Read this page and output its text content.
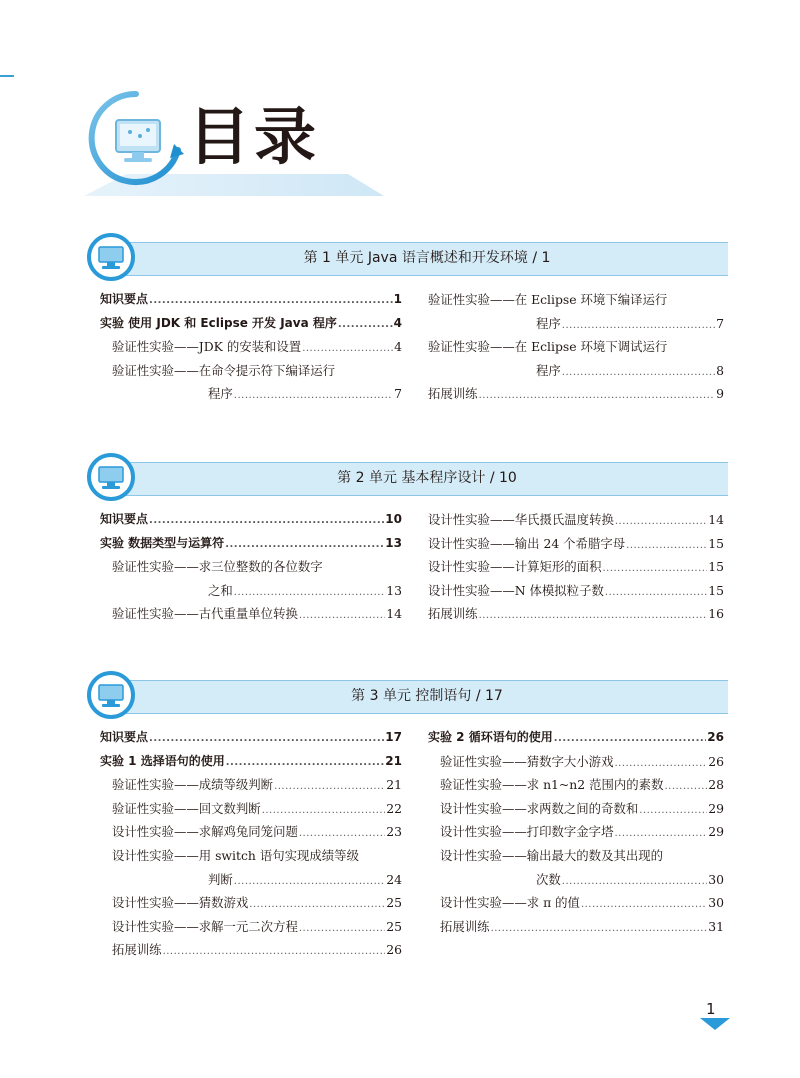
目录
第 1 单元 Java 语言概述和开发环境 / 1
知识要点 .....	1
实验 使用 JDK 和 Eclipse 开发 Java 程序 .....	4
验证性实验——JDK 的安装和设置 .....	4
验证性实验——在命令提示符下编译运行
程序 .....	7
验证性实验——在 Eclipse 环境下编译运行
程序 .....	7
验证性实验——在 Eclipse 环境下调试运行
程序 .....	8
拓展训练 .....	9
第 2 单元 基本程序设计 / 10
知识要点 .....	10
实验 数据类型与运算符 .....	13
验证性实验——求三位整数的各位数字
之和 .....	13
验证性实验——古代重量单位转换 .....	14
设计性实验——华氏摄氏温度转换 .....	14
设计性实验——输出 24 个希腊字母 .....	15
设计性实验——计算矩形的面积 .....	15
设计性实验——N 体模拟粒子数 .....	15
拓展训练 .....	16
第 3 单元 控制语句 / 17
知识要点 .....	17
实验 1 选择语句的使用 .....	21
验证性实验——成绩等级判断 .....	21
验证性实验——回文数判断 .....	22
设计性实验——求解鸡兔同笼问题 .....	23
设计性实验——用 switch 语句实现成绩等级
判断 .....	24
设计性实验——猜数游戏 .....	25
设计性实验——求解一元二次方程 .....	25
拓展训练 .....	26
实验 2 循环语句的使用 .....	26
验证性实验——猜数字大小游戏 .....	26
验证性实验——求 n1~n2 范围内的素数 .....	28
设计性实验——求两数之间的奇数和 .....	29
设计性实验——打印数字金字塔 .....	29
设计性实验——输出最大的数及其出现的
次数 .....	30
设计性实验——求 π 的值 .....	30
拓展训练 .....	31
1
